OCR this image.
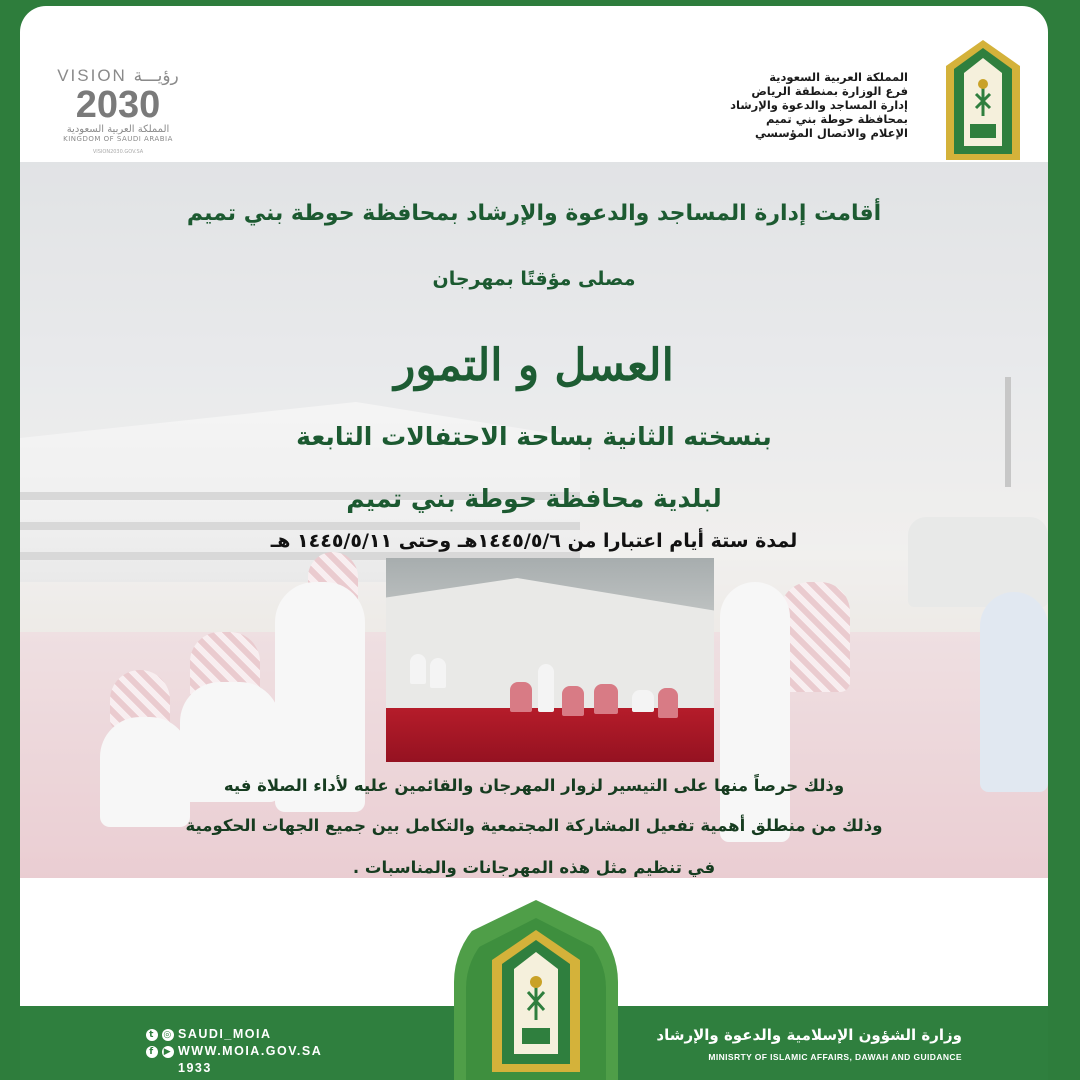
VISION رؤيـــة
2030
المملكة العربية السعودية
KINGDOM OF SAUDI ARABIA
VISION2030.GOV.SA
المملكة العربية السعودية
فرع الوزارة بمنطقة الرياض
إدارة المساجد والدعوة والإرشاد
بمحافظة حوطة بني تميم
الإعلام والاتصال المؤسسي
أقامت إدارة المساجد والدعوة والإرشاد بمحافظة حوطة بني تميم
مصلى مؤقتًا بمهرجان
العسل و التمور
بنسخته الثانية بساحة الاحتفالات التابعة
لبلدية محافظة حوطة بني تميم
لمدة ستة أيام اعتبارا من ١٤٤٥/٥/٦هـ وحتى ١٤٤٥/٥/١١ هـ
وذلك حرصاً منها على التيسير لزوار المهرجان والقائمين عليه لأداء الصلاة فيه
وذلك من منطلق أهمية تفعيل المشاركة المجتمعية والتكامل بين جميع الجهات الحكومية
في تنظيم مثل هذه المهرجانات والمناسبات .
t ◎ SAUDI_MOIA
f	▶ WWW.MOIA.GOV.SA
1933
وزارة الشؤون الإسلامية والدعوة والإرشاد
MINISRTY OF ISLAMIC AFFAIRS, DAWAH AND GUIDANCE
